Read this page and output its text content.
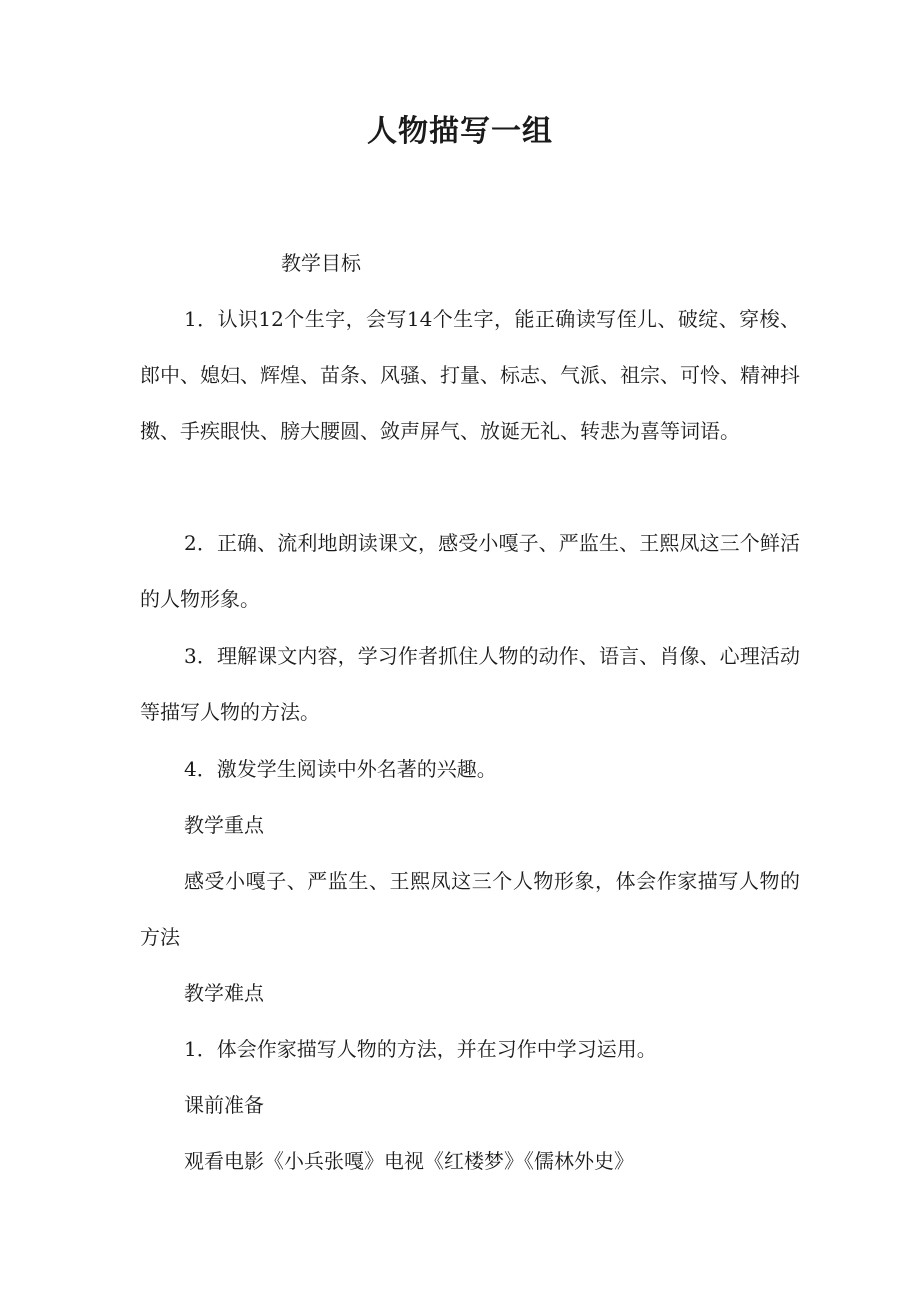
人物描写一组
教学目标
1．认识12个生字，会写14个生字，能正确读写侄儿、破绽、穿梭、郎中、媳妇、辉煌、苗条、风骚、打量、标志、气派、祖宗、可怜、精神抖擞、手疾眼快、膀大腰圆、敛声屏气、放诞无礼、转悲为喜等词语。
2．正确、流利地朗读课文，感受小嘎子、严监生、王熙凤这三个鲜活的人物形象。
3．理解课文内容，学习作者抓住人物的动作、语言、肖像、心理活动等描写人物的方法。
4．激发学生阅读中外名著的兴趣。
教学重点
感受小嘎子、严监生、王熙凤这三个人物形象，体会作家描写人物的方法
教学难点
1．体会作家描写人物的方法，并在习作中学习运用。
课前准备
观看电影《小兵张嘎》电视《红楼梦》《儒林外史》
